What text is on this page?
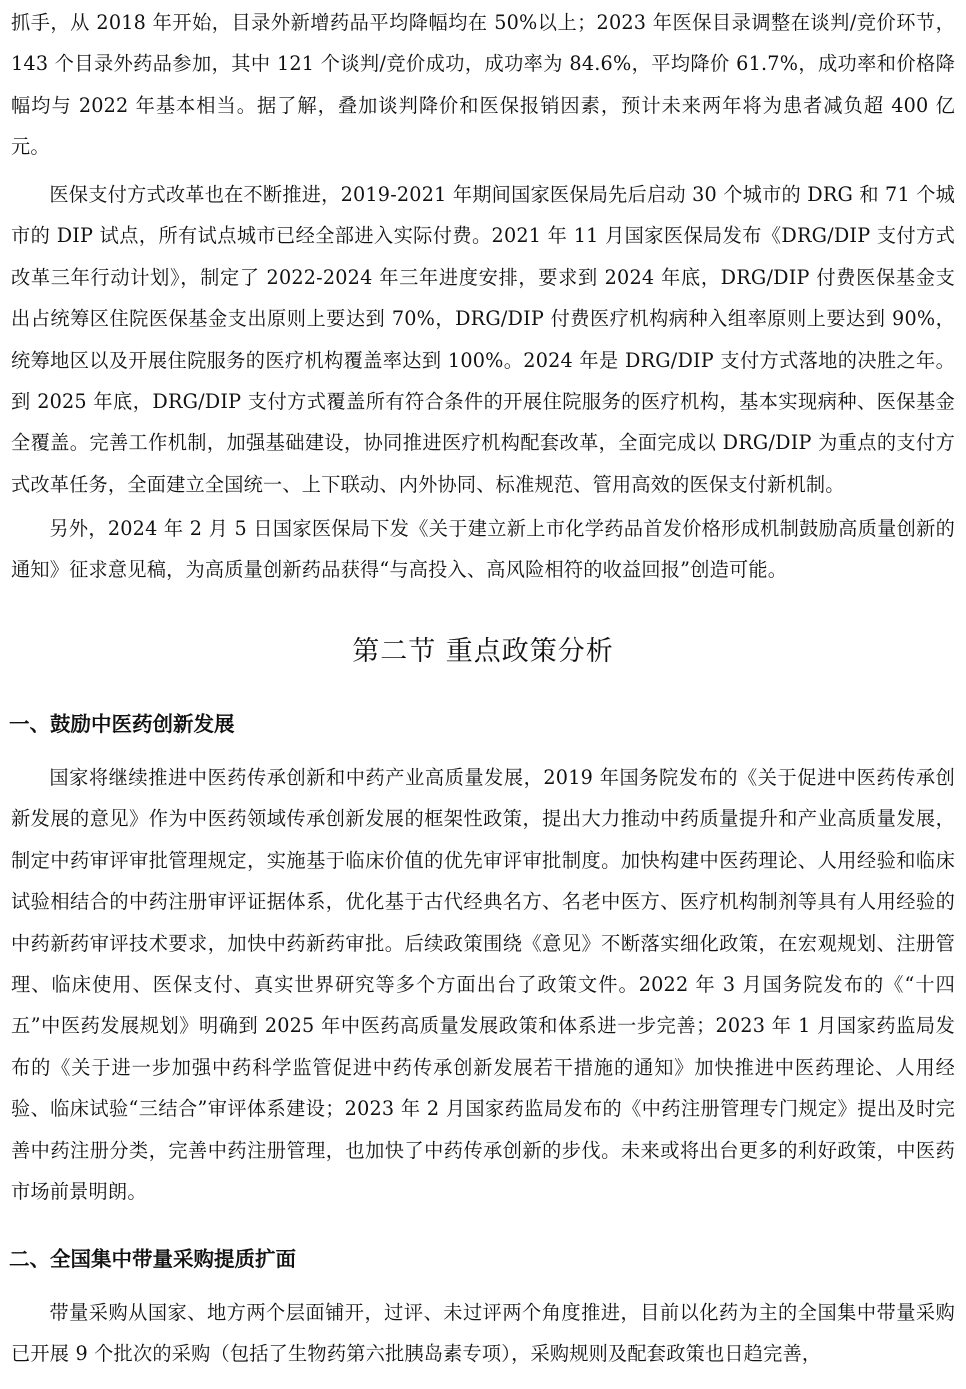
抓手，从 2018 年开始，目录外新增药品平均降幅均在 50%以上；2023 年医保目录调整在谈判/竞价环节，143 个目录外药品参加，其中 121 个谈判/竞价成功，成功率为 84.6%，平均降价 61.7%，成功率和价格降幅均与 2022 年基本相当。据了解，叠加谈判降价和医保报销因素，预计未来两年将为患者减负超 400 亿元。

医保支付方式改革也在不断推进，2019-2021 年期间国家医保局先后启动 30 个城市的 DRG 和 71 个城市的 DIP 试点，所有试点城市已经全部进入实际付费。2021 年 11 月国家医保局发布《DRG/DIP 支付方式改革三年行动计划》，制定了 2022-2024 年三年进度安排，要求到 2024 年底，DRG/DIP 付费医保基金支出占统筹区住院医保基金支出原则上要达到 70%，DRG/DIP 付费医疗机构病种入组率原则上要达到 90%，统筹地区以及开展住院服务的医疗机构覆盖率达到 100%。2024 年是 DRG/DIP 支付方式落地的决胜之年。到 2025 年底，DRG/DIP 支付方式覆盖所有符合条件的开展住院服务的医疗机构，基本实现病种、医保基金全覆盖。完善工作机制，加强基础建设，协同推进医疗机构配套改革，全面完成以 DRG/DIP 为重点的支付方式改革任务，全面建立全国统一、上下联动、内外协同、标准规范、管用高效的医保支付新机制。

另外，2024 年 2 月 5 日国家医保局下发《关于建立新上市化学药品首发价格形成机制鼓励高质量创新的通知》征求意见稿，为高质量创新药品获得“与高投入、高风险相符的收益回报”创造可能。

第二节 重点政策分析
一、鼓励中医药创新发展

国家将继续推进中医药传承创新和中药产业高质量发展，2019 年国务院发布的《关于促进中医药传承创新发展的意见》作为中医药领域传承创新发展的框架性政策，提出大力推动中药质量提升和产业高质量发展，制定中药审评审批管理规定，实施基于临床价值的优先审评审批制度。加快构建中医药理论、人用经验和临床试验相结合的中药注册审评证据体系，优化基于古代经典名方、名老中医方、医疗机构制剂等具有人用经验的中药新药审评技术要求，加快中药新药审批。后续政策围绕《意见》不断落实细化政策，在宏观规划、注册管理、临床使用、医保支付、真实世界研究等多个方面出台了政策文件。2022 年 3 月国务院发布的《“十四五”中医药发展规划》明确到 2025 年中医药高质量发展政策和体系进一步完善；2023 年 1 月国家药监局发布的《关于进一步加强中药科学监管促进中药传承创新发展若干措施的通知》加快推进中医药理论、人用经验、临床试验“三结合”审评体系建设；2023 年 2 月国家药监局发布的《中药注册管理专门规定》提出及时完善中药注册分类，完善中药注册管理，也加快了中药传承创新的步伐。未来或将出台更多的利好政策，中医药市场前景明朗。

二、全国集中带量采购提质扩面

带量采购从国家、地方两个层面铺开，过评、未过评两个角度推进，目前以化药为主的全国集中带量采购已开展 9 个批次的采购（包括了生物药第六批胰岛素专项），采购规则及配套政策也日趋完善，
